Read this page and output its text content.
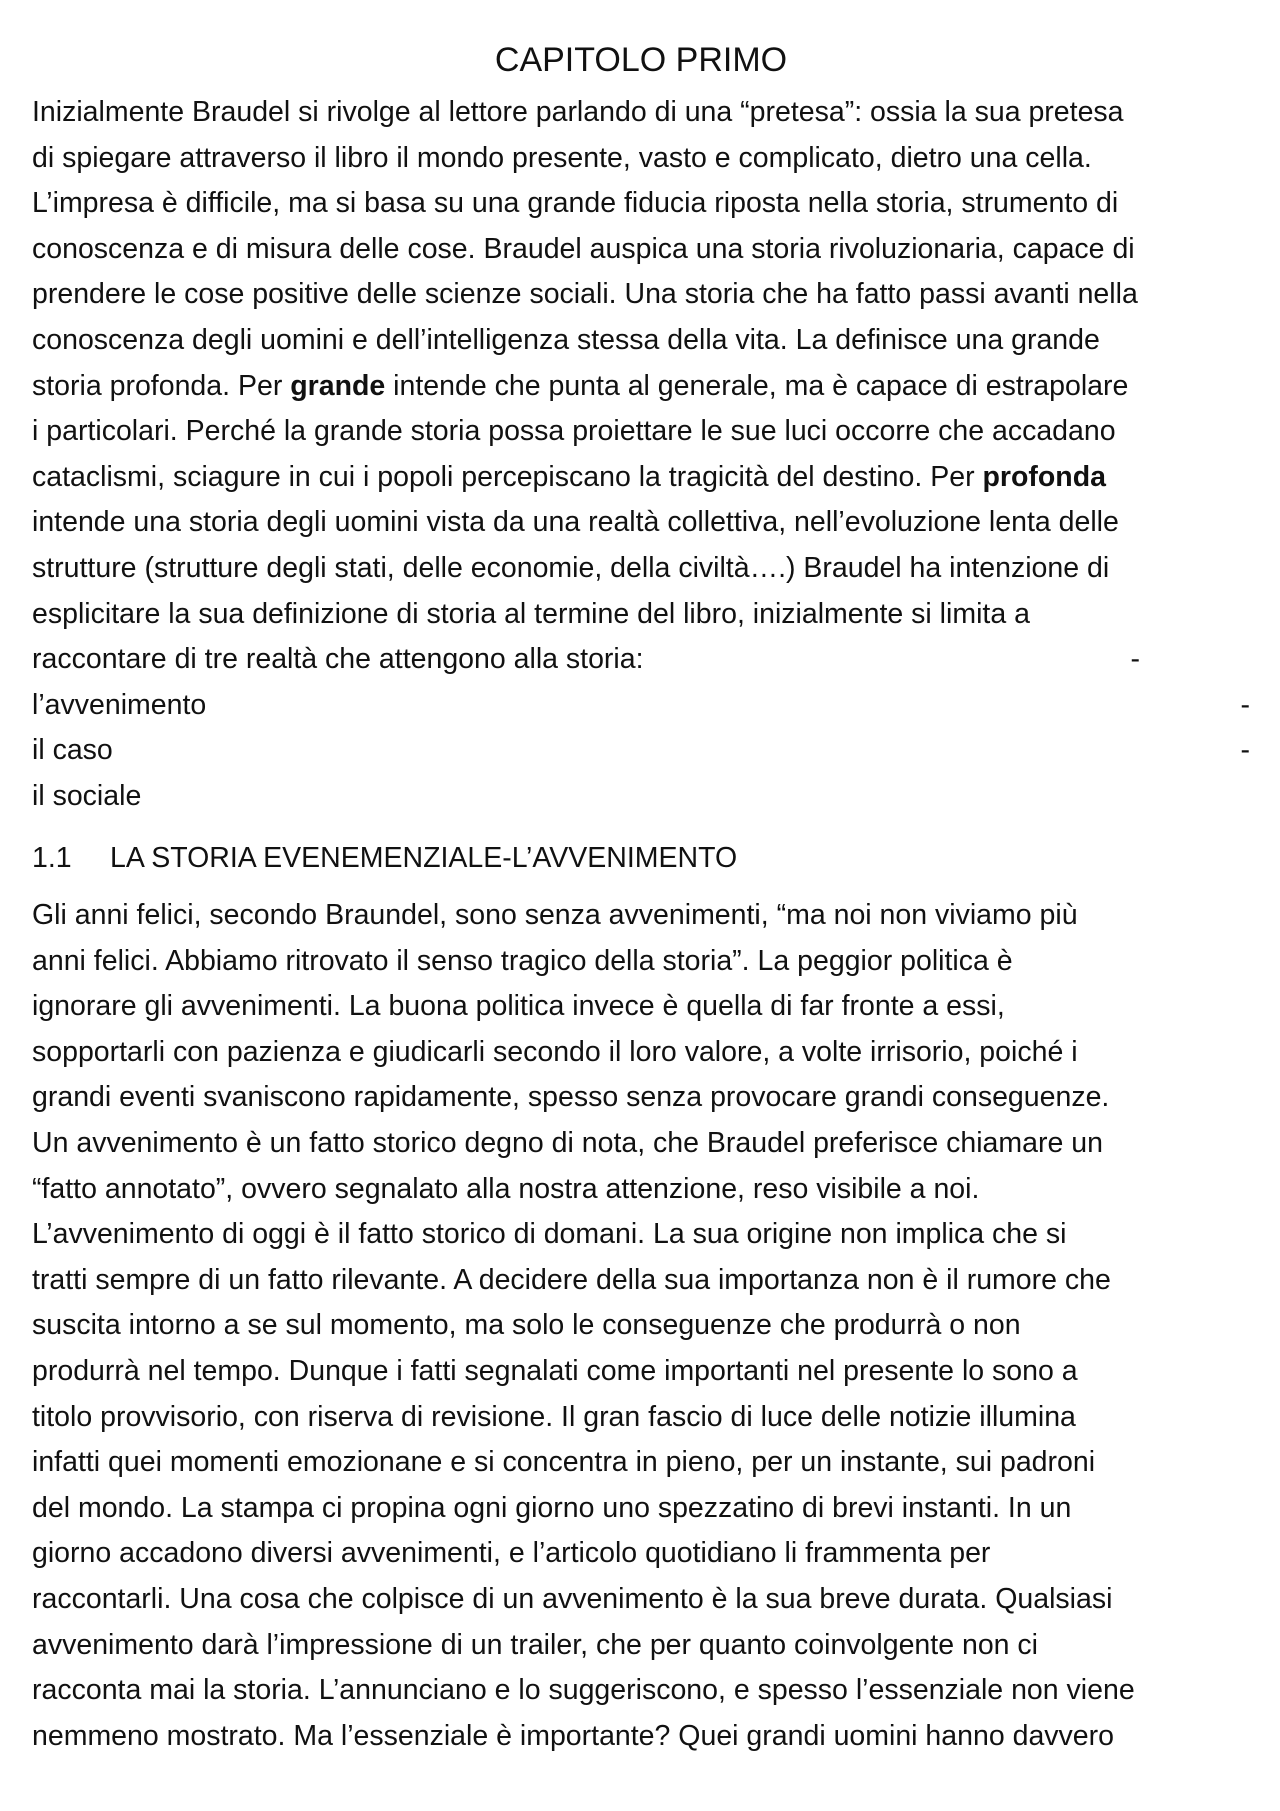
CAPITOLO PRIMO
Inizialmente Braudel si rivolge al lettore parlando di una “pretesa”: ossia la sua pretesa
di spiegare attraverso il libro il mondo presente, vasto e complicato, dietro una cella.
L’impresa è difficile, ma si basa su una grande fiducia riposta nella storia, strumento di
conoscenza e di misura delle cose. Braudel auspica una storia rivoluzionaria, capace di
prendere le cose positive delle scienze sociali. Una storia che ha fatto passi avanti nella
conoscenza degli uomini e dell’intelligenza stessa della vita. La definisce una grande
storia profonda. Per grande intende che punta al generale, ma è capace di estrapolare
i particolari. Perché la grande storia possa proiettare le sue luci occorre che accadano
cataclismi, sciagure in cui i popoli percepiscano la tragicità del destino. Per profonda
intende una storia degli uomini vista da una realtà collettiva, nell’evoluzione lenta delle
strutture (strutture degli stati, delle economie, della civiltà….) Braudel ha intenzione di
esplicitare la sua definizione di storia al termine del libro, inizialmente si limita a
raccontare di tre realtà che attengono alla storia:	-
l’avvenimento	-
il caso	-
il sociale
1.1 LA STORIA EVENEMENZIALE-L’AVVENIMENTO
Gli anni felici, secondo Braundel, sono senza avvenimenti, “ma noi non viviamo più
anni felici. Abbiamo ritrovato il senso tragico della storia”. La peggior politica è
ignorare gli avvenimenti. La buona politica invece è quella di far fronte a essi,
sopportarli con pazienza e giudicarli secondo il loro valore, a volte irrisorio, poiché i
grandi eventi svaniscono rapidamente, spesso senza provocare grandi conseguenze.
Un avvenimento è un fatto storico degno di nota, che Braudel preferisce chiamare un
“fatto annotato”, ovvero segnalato alla nostra attenzione, reso visibile a noi.
L’avvenimento di oggi è il fatto storico di domani. La sua origine non implica che si
tratti sempre di un fatto rilevante. A decidere della sua importanza non è il rumore che
suscita intorno a se sul momento, ma solo le conseguenze che produrrà o non
produrrà nel tempo. Dunque i fatti segnalati come importanti nel presente lo sono a
titolo provvisorio, con riserva di revisione. Il gran fascio di luce delle notizie illumina
infatti quei momenti emozionane e si concentra in pieno, per un instante, sui padroni
del mondo. La stampa ci propina ogni giorno uno spezzatino di brevi instanti. In un
giorno accadono diversi avvenimenti, e l’articolo quotidiano li frammenta per
raccontarli. Una cosa che colpisce di un avvenimento è la sua breve durata. Qualsiasi
avvenimento darà l’impressione di un trailer, che per quanto coinvolgente non ci
racconta mai la storia. L’annunciano e lo suggeriscono, e spesso l’essenziale non viene
nemmeno mostrato. Ma l’essenziale è importante? Quei grandi uomini hanno davvero
